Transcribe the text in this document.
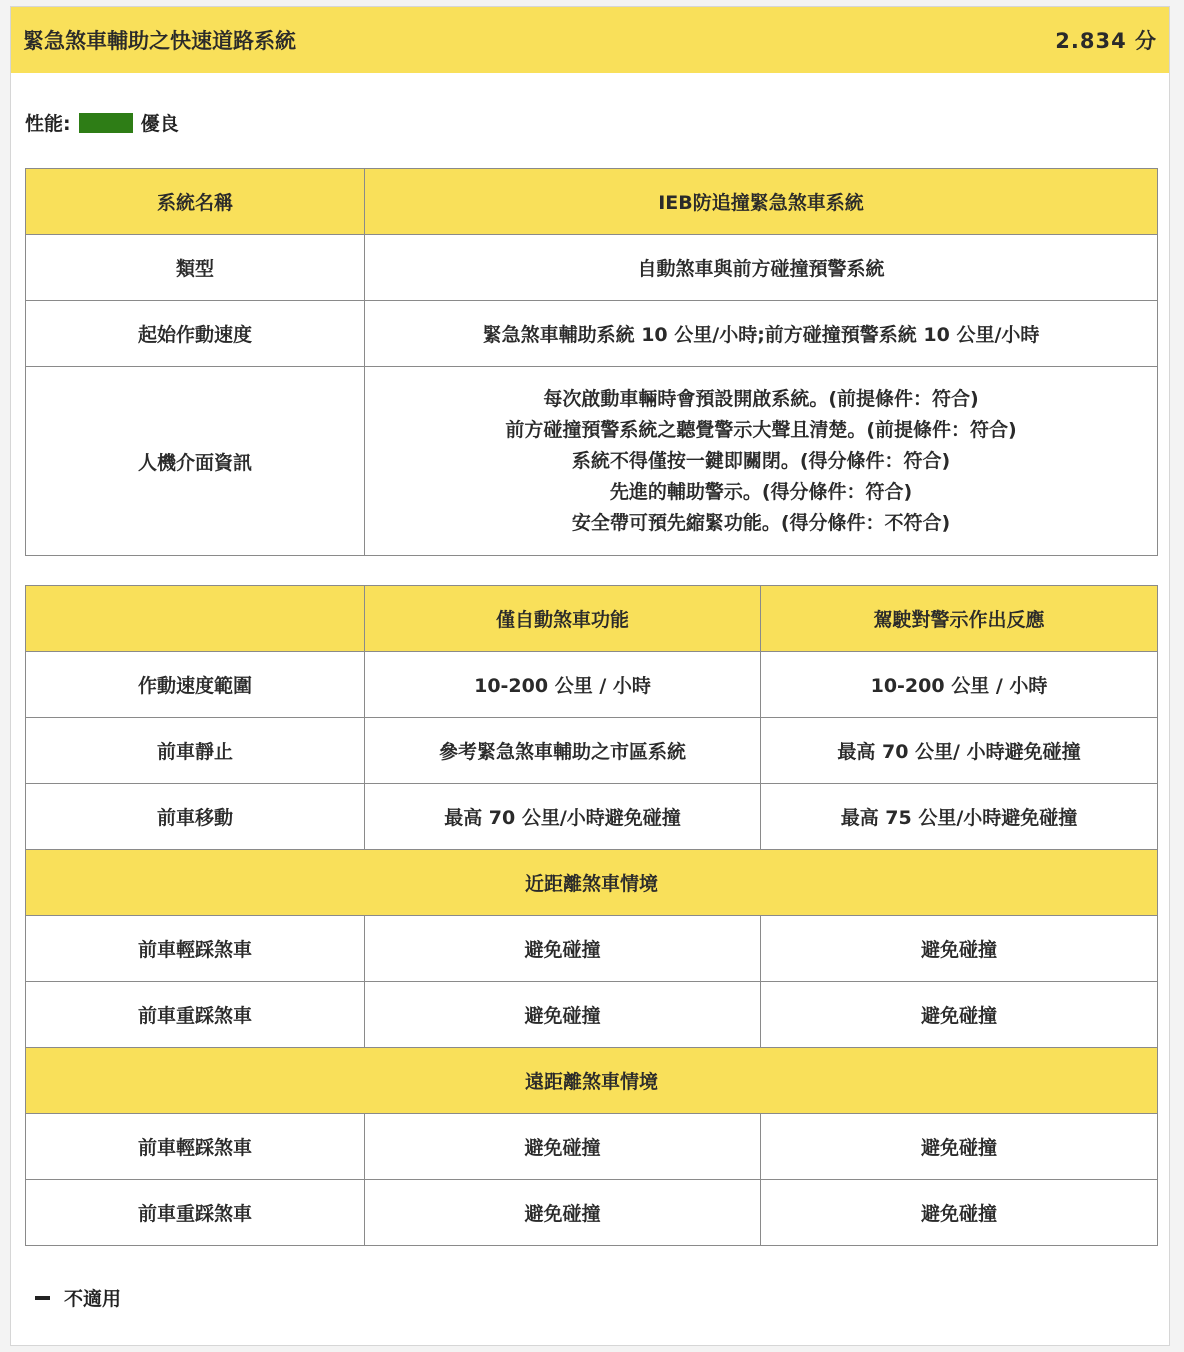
緊急煞車輔助之快速道路系統	2.834 分
性能:	優良
系統名稱	IEB防追撞緊急煞車系統
類型	自動煞車與前方碰撞預警系統
起始作動速度	緊急煞車輔助系統 10 公里/小時;前方碰撞預警系統 10 公里/小時
人機介面資訊	每次啟動車輛時會預設開啟系統。(前提條件：符合)
前方碰撞預警系統之聽覺警示大聲且清楚。(前提條件：符合)
系統不得僅按一鍵即關閉。(得分條件：符合)
先進的輔助警示。(得分條件：符合)
安全帶可預先縮緊功能。(得分條件：不符合)
	僅自動煞車功能	駕駛對警示作出反應
作動速度範圍	10-200 公里 / 小時	10-200 公里 / 小時
前車靜止	參考緊急煞車輔助之市區系統	最高 70 公里/ 小時避免碰撞
前車移動	最高 70 公里/小時避免碰撞	最高 75 公里/小時避免碰撞
近距離煞車情境		
前車輕踩煞車	避免碰撞	避免碰撞
前車重踩煞車	避免碰撞	避免碰撞
遠距離煞車情境		
前車輕踩煞車	避免碰撞	避免碰撞
前車重踩煞車	避免碰撞	避免碰撞
不適用
